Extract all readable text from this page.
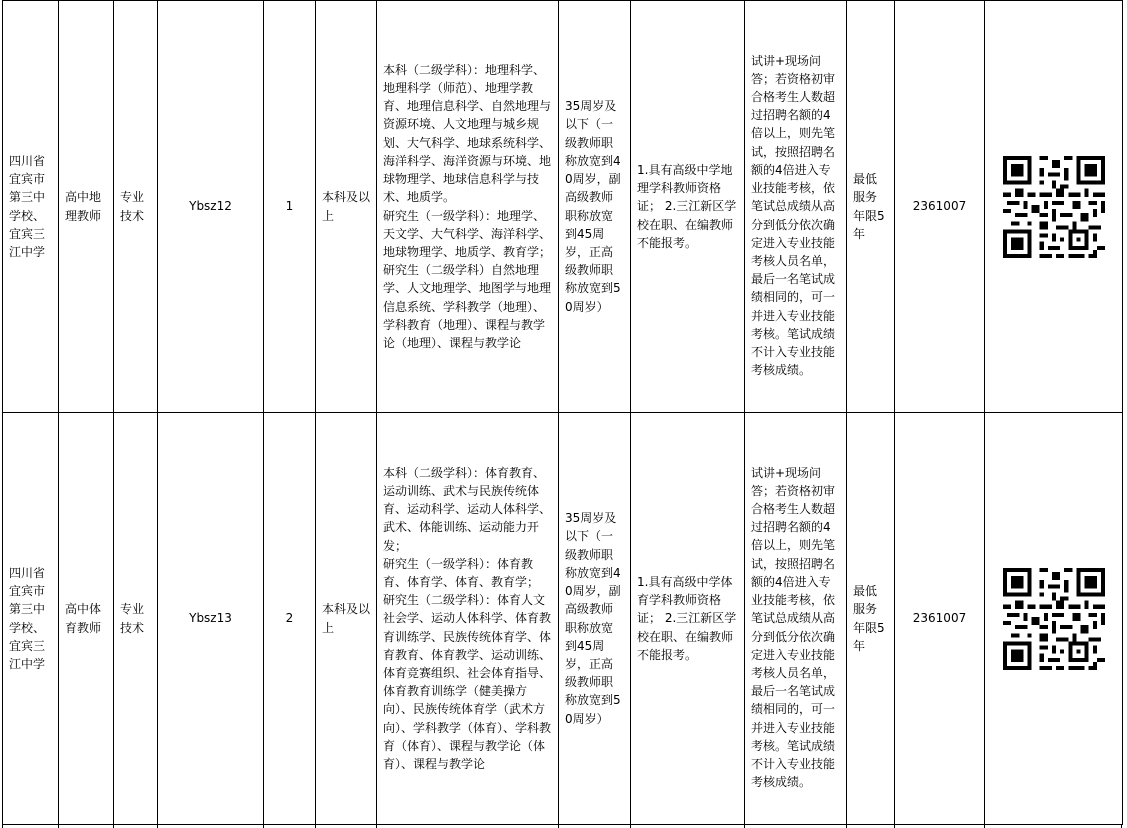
四川省宜宾市第三中学校、宜宾三江中学	高中地理教师	专业技术	Ybsz12	1	本科及以上	本科（二级学科）：地理科学、地理科学（师范）、地理学教育、地理信息科学、自然地理与资源环境、人文地理与城乡规划、大气科学、地球系统科学、海洋科学、海洋资源与环境、地球物理学、地球信息科学与技术、地质学。
研究生（一级学科）：地理学、天文学、大气科学、海洋科学、地球物理学、地质学、教育学；
研究生（二级学科）自然地理学、人文地理学、地图学与地理信息系统、学科教学（地理）、学科教育（地理）、课程与教学论（地理）、课程与教学论	35周岁及以下（一级教师职称放宽到40周岁，副高级教师职称放宽到45周岁，正高级教师职称放宽到50周岁）	1.具有高级中学地理学科教师资格证； 2.三江新区学校在职、在编教师不能报考。	试讲+现场问答；若资格初审合格考生人数超过招聘名额的4倍以上，则先笔试，按照招聘名额的4倍进入专业技能考核，依笔试总成绩从高分到低分依次确定进入专业技能考核人员名单，最后一名笔试成绩相同的，可一并进入专业技能考核。笔试成绩不计入专业技能考核成绩。	最低服务年限5年	2361007	

四川省宜宾市第三中学校、宜宾三江中学	高中体育教师	专业技术	Ybsz13	2	本科及以上	本科（二级学科）：体育教育、运动训练、武术与民族传统体育、运动科学、运动人体科学、武术、体能训练、运动能力开发；
研究生（一级学科）：体育教育、体育学、体育、教育学；
研究生（二级学科）：体育人文社会学、运动人体科学、体育教育训练学、民族传统体育学、体育教育、体育教学、运动训练、体育竞赛组织、社会体育指导、体育教育训练学（健美操方向）、民族传统体育学（武术方向）、学科教学（体育）、学科教育（体育）、课程与教学论（体育）、课程与教学论	35周岁及以下（一级教师职称放宽到40周岁，副高级教师职称放宽到45周岁，正高级教师职称放宽到50周岁）	1.具有高级中学体育学科教师资格证； 2.三江新区学校在职、在编教师不能报考。	试讲+现场问答；若资格初审合格考生人数超过招聘名额的4倍以上，则先笔试，按照招聘名额的4倍进入专业技能考核，依笔试总成绩从高分到低分依次确定进入专业技能考核人员名单，最后一名笔试成绩相同的，可一并进入专业技能考核。笔试成绩不计入专业技能考核成绩。	最低服务年限5年	2361007	
